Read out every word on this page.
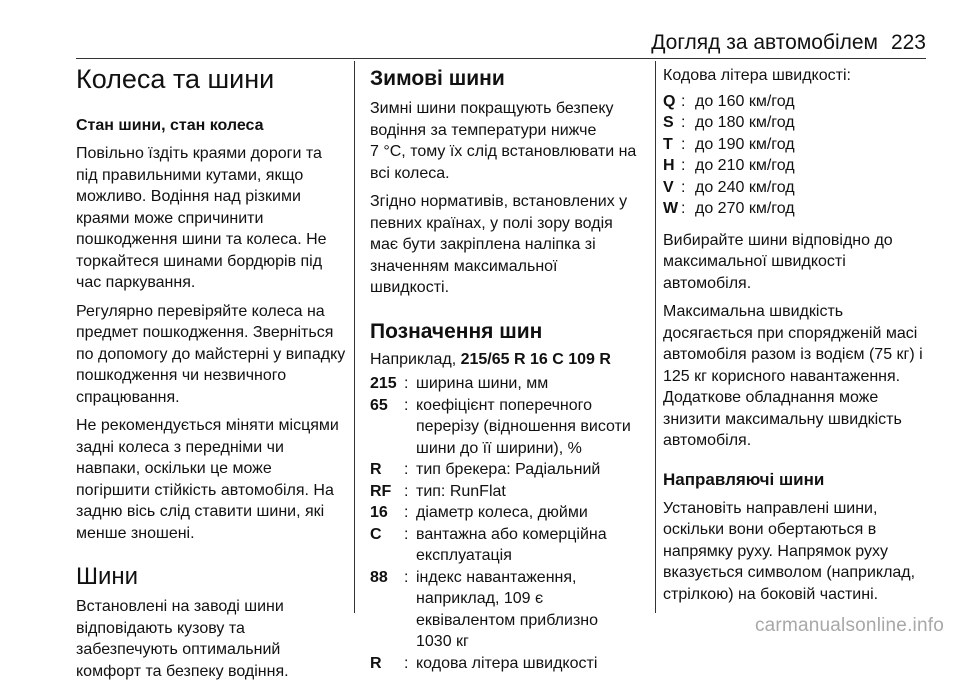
Догляд за автомобілем 223
Колеса та шини
Стан шини, стан колеса

Повільно їздіть краями дороги та
під правильними кутами, якщо
можливо. Водіння над різкими
краями може спричинити
пошкодження шини та колеса. Не
торкайтеся шинами бордюрів під
час паркування.

Регулярно перевіряйте колеса на
предмет пошкодження. Зверніться
по допомогу до майстерні у випадку
пошкодження чи незвичного
спрацювання.

Не рекомендується міняти місцями
задні колеса з передніми чи
навпаки, оскільки це може
погіршити стійкість автомобіля. На
задню вісь слід ставити шини, які
менше зношені.

Шини

Встановлені на заводі шини
відповідають кузову та
забезпечують оптимальний
комфорт та безпеку водіння.

Зимові шини

Зимні шини покращують безпеку
водіння за температури нижче
7 °C, тому їх слід встановлювати на
всі колеса.

Згідно нормативів, встановлених у
певних країнах, у полі зору водія
має бути закріплена наліпка зі
значенням максимальної
швидкості.

Позначення шин

Наприклад, 215/65 R 16 C 109 R

215 : ширина шини, мм
65	: коефіцієнт поперечного
перерізу (відношення висоти
шини до її ширини), %
R	: тип брекера: Радіальний
RF : тип: RunFlat
16	: діаметр колеса, дюйми
C	: вантажна або комерційна
експлуатація
88	: індекс навантаження,
наприклад, 109 є
еквівалентом приблизно
1030 кг
R	: кодова літера швидкості

Кодова літера швидкості:

Q : до 160 км/год
S : до 180 км/год
T : до 190 км/год
H : до 210 км/год
V : до 240 км/год
W : до 270 км/год

Вибирайте шини відповідно до
максимальної швидкості
автомобіля.

Максимальна швидкість
досягається при спорядженій масі
автомобіля разом із водієм (75 кг) і
125 кг корисного навантаження.
Додаткове обладнання може
знизити максимальну швидкість
автомобіля.

Направляючі шини

Установіть направлені шини,
оскільки вони обертаються в
напрямку руху. Напрямок руху
вказується символом (наприклад,
стрілкою) на боковій частині.

carmanualsonline.info
